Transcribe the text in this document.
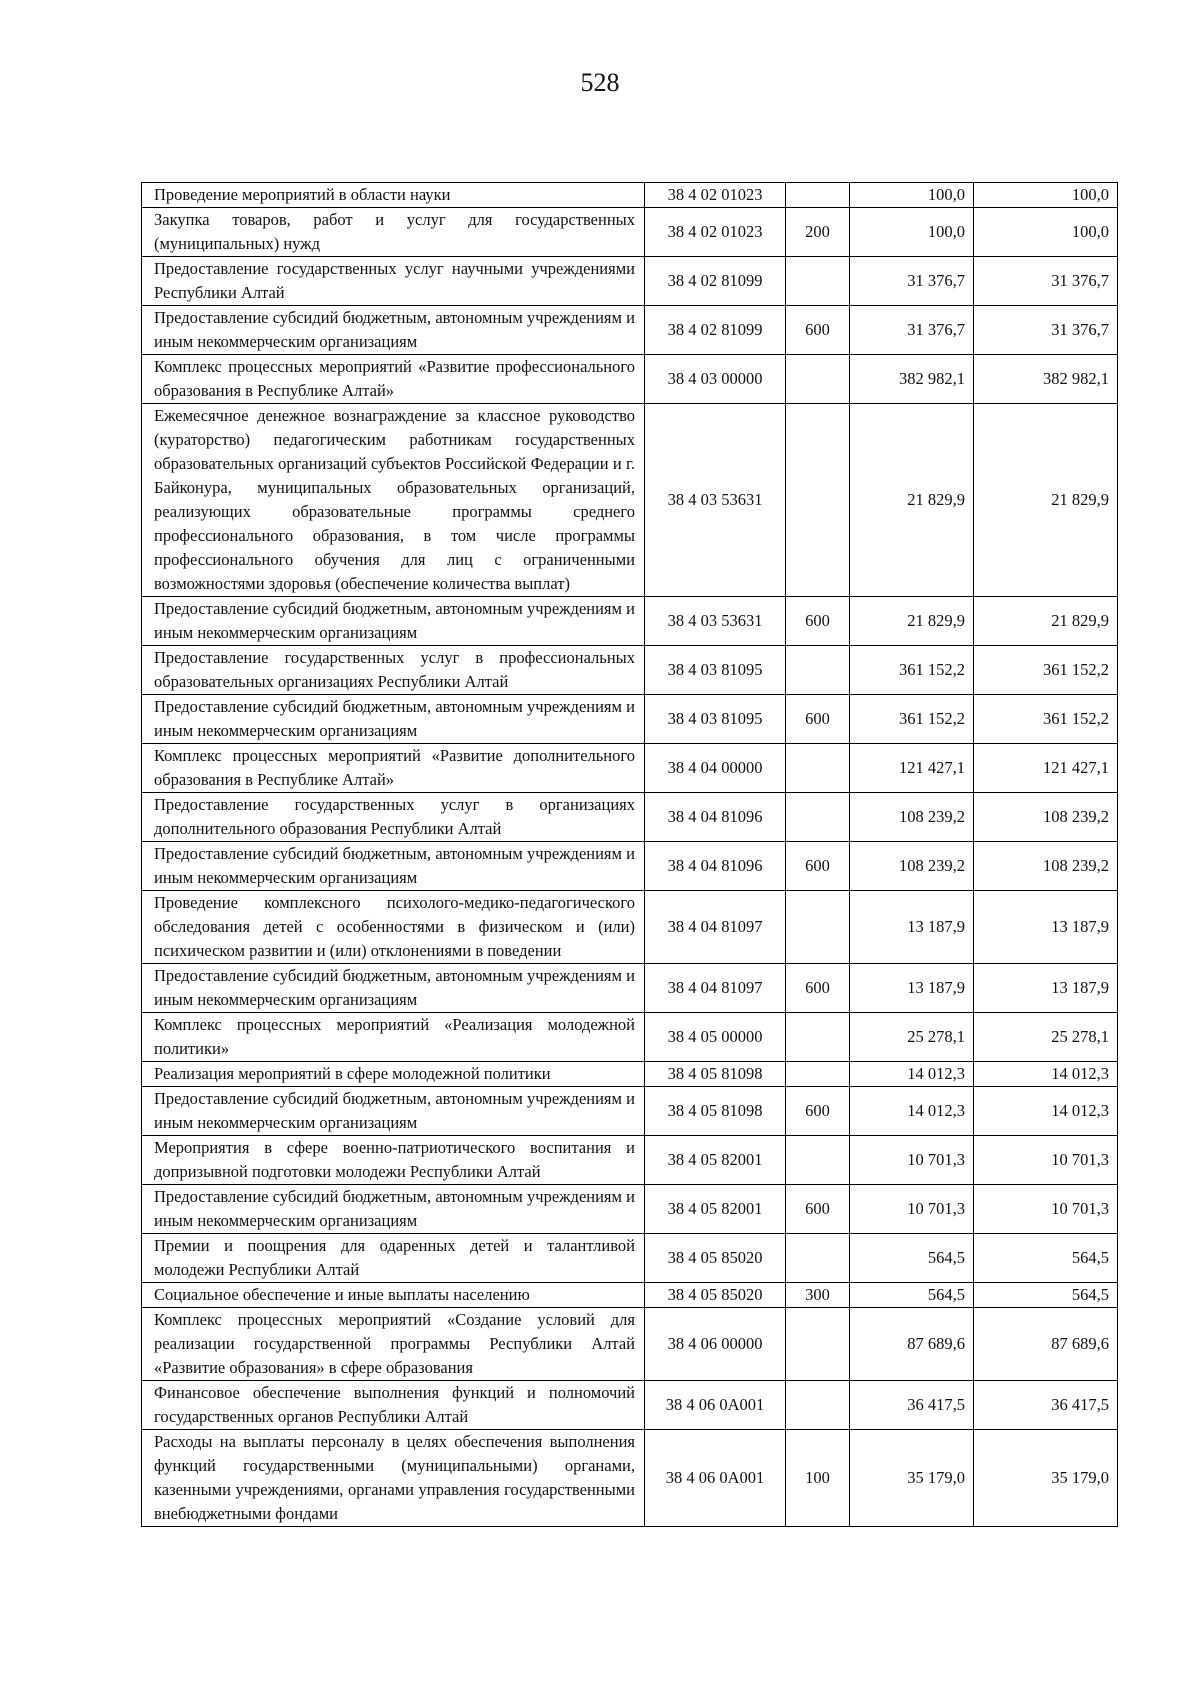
528
Проведение мероприятий в области науки	38 4 02 01023		100,0	100,0
Закупка товаров, работ и услуг для государственных (муниципальных) нужд	38 4 02 01023	200	100,0	100,0
Предоставление государственных услуг научными учреждениями Республики Алтай	38 4 02 81099		31 376,7	31 376,7
Предоставление субсидий бюджетным, автономным учреждениям и иным некоммерческим организациям	38 4 02 81099	600	31 376,7	31 376,7
Комплекс процессных мероприятий «Развитие профессионального образования в Республике Алтай»	38 4 03 00000		382 982,1	382 982,1
Ежемесячное денежное вознаграждение за классное руководство (кураторство) педагогическим работникам государственных образовательных организаций субъектов Российской Федерации и г. Байконура, муниципальных образовательных организаций, реализующих образовательные программы среднего профессионального образования, в том числе программы профессионального обучения для лиц с ограниченными возможностями здоровья (обеспечение количества выплат)	38 4 03 53631		21 829,9	21 829,9
Предоставление субсидий бюджетным, автономным учреждениям и иным некоммерческим организациям	38 4 03 53631	600	21 829,9	21 829,9
Предоставление государственных услуг в профессиональных образовательных организациях Республики Алтай	38 4 03 81095		361 152,2	361 152,2
Предоставление субсидий бюджетным, автономным учреждениям и иным некоммерческим организациям	38 4 03 81095	600	361 152,2	361 152,2
Комплекс процессных мероприятий «Развитие дополнительного образования в Республике Алтай»	38 4 04 00000		121 427,1	121 427,1
Предоставление государственных услуг в организациях дополнительного образования Республики Алтай	38 4 04 81096		108 239,2	108 239,2
Предоставление субсидий бюджетным, автономным учреждениям и иным некоммерческим организациям	38 4 04 81096	600	108 239,2	108 239,2
Проведение комплексного психолого-медико-педагогического обследования детей с особенностями в физическом и (или) психическом развитии и (или) отклонениями в поведении	38 4 04 81097		13 187,9	13 187,9
Предоставление субсидий бюджетным, автономным учреждениям и иным некоммерческим организациям	38 4 04 81097	600	13 187,9	13 187,9
Комплекс процессных мероприятий «Реализация молодежной политики»	38 4 05 00000		25 278,1	25 278,1
Реализация мероприятий в сфере молодежной политики	38 4 05 81098		14 012,3	14 012,3
Предоставление субсидий бюджетным, автономным учреждениям и иным некоммерческим организациям	38 4 05 81098	600	14 012,3	14 012,3
Мероприятия в сфере военно-патриотического воспитания и допризывной подготовки молодежи Республики Алтай	38 4 05 82001		10 701,3	10 701,3
Предоставление субсидий бюджетным, автономным учреждениям и иным некоммерческим организациям	38 4 05 82001	600	10 701,3	10 701,3
Премии и поощрения для одаренных детей и талантливой молодежи Республики Алтай	38 4 05 85020		564,5	564,5
Социальное обеспечение и иные выплаты населению	38 4 05 85020	300	564,5	564,5
Комплекс процессных мероприятий «Создание условий для реализации государственной программы Республики Алтай «Развитие образования» в сфере образования	38 4 06 00000		87 689,6	87 689,6
Финансовое обеспечение выполнения функций и полномочий государственных органов Республики Алтай	38 4 06 0А001		36 417,5	36 417,5
Расходы на выплаты персоналу в целях обеспечения выполнения функций государственными (муниципальными) органами, казенными учреждениями, органами управления государственными внебюджетными фондами	38 4 06 0А001	100	35 179,0	35 179,0
